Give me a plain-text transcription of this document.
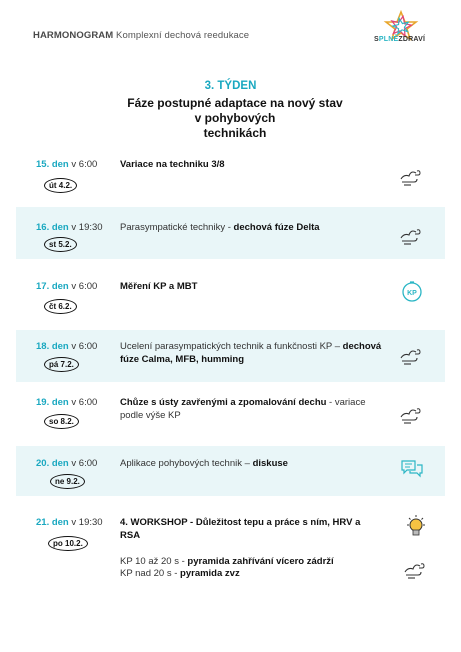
HARMONOGRAM Komplexní dechová reedukace	SPLNĚZDRAVÍ
3. TÝDEN
Fáze postupné adaptace na nový stav
v pohybových
technikách
15. den v 6:00
út 4.2.
Variace na techniku 3/8
16. den v 19:30
st 5.2.
Parasympatické techniky - dechová fúze Delta
17. den v 6:00
čt 6.2.
Měření KP a MBT
KP
18. den v 6:00
pá 7.2.
Ucelení parasympatických technik a funkčnosti KP – dechová fúze Calma, MFB, humming
19. den v 6:00
so 8.2.
Chůze s ústy zavřenými a zpomalování dechu - variace podle výše KP
20. den v 6:00
ne 9.2.
Aplikace pohybových technik – diskuse
21. den v 19:30
po 10.2.
4. WORKSHOP - Důležitost tepu a práce s ním, HRV a RSA
KP 10 až 20 s - pyramida zahřívání vícero zádrží
KP nad 20 s - pyramida zvz
